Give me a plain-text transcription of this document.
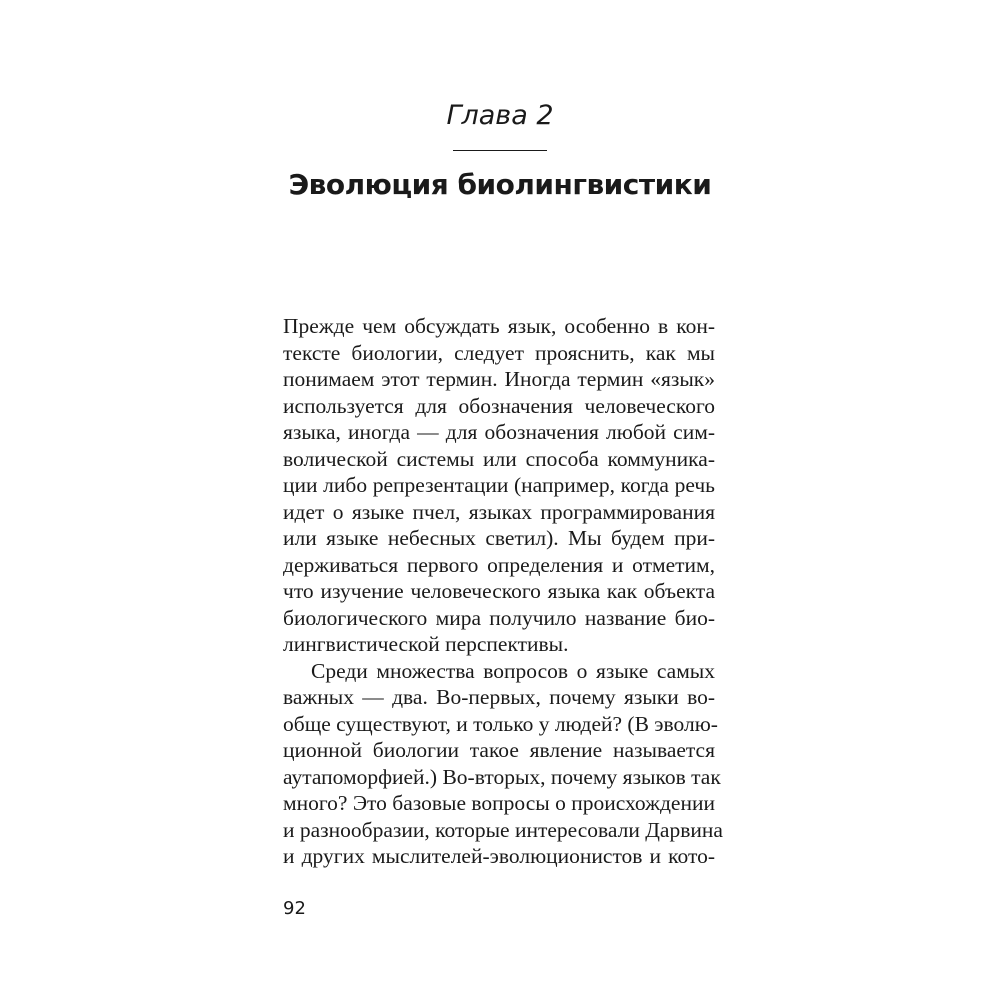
Глава 2
Эволюция биолингвистики
Прежде чем обсуждать язык, особенно в кон-
тексте биологии, следует прояснить, как мы
понимаем этот термин. Иногда термин «язык»
используется для обозначения человеческого
языка, иногда — для обозначения любой сим-
волической системы или способа коммуника-
ции либо репрезентации (например, когда речь
идет о языке пчел, языках программирования
или языке небесных светил). Мы будем при-
держиваться первого определения и отметим,
что изучение человеческого языка как объекта
биологического мира получило название био-
лингвистической перспективы.
Среди множества вопросов о языке самых
важных — два. Во-первых, почему языки во-
обще существуют, и только у людей? (В эволю-
ционной биологии такое явление называется
аутапоморфией.) Во-вторых, почему языков так
много? Это базовые вопросы о происхождении
и разнообразии, которые интересовали Дарвина
и других мыслителей-эволюционистов и кото-
92
